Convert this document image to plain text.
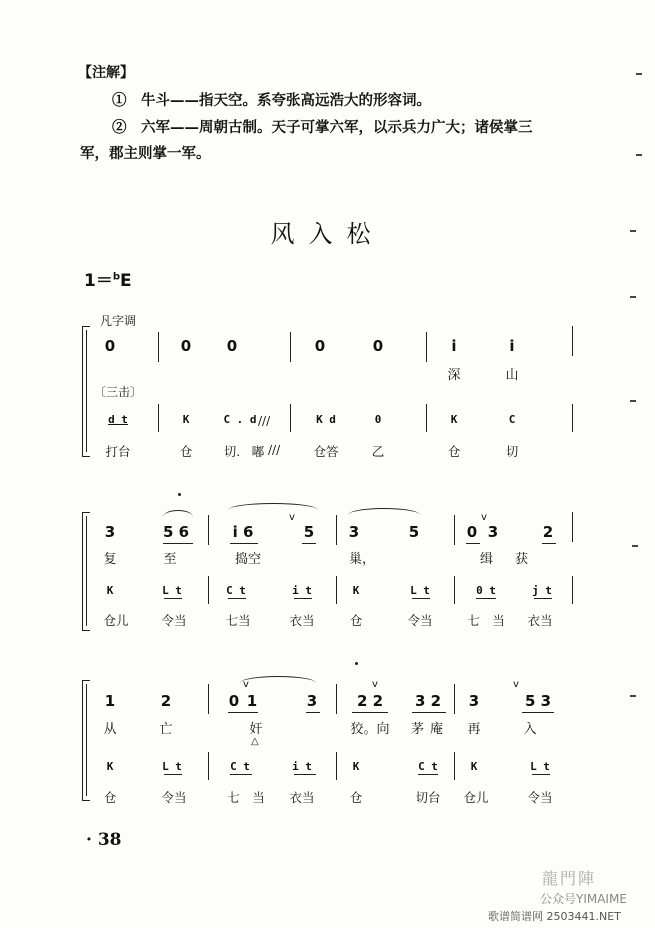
【注解】
①　牛斗——指天空。系夸张高远浩大的形容词。
②　六军——周朝古制。天子可掌六军，以示兵力广大；诸侯掌三
军，郡主则掌一军。
风入松
1＝$^b$E
凡字调
0	0 0	0	0	i	i
深	山
〔三击〕
d t	K	C . d ///	K d	0	K	C
打台	仓	切. 嘟 ///	仓答	乙	仓	切
v	v
3	5 6	i 6	5 3	5	0 3	2
复	至	捣空	巢，	缉获
K	L t	C t	i t	K	L t	0 t	j t
仓儿	令当	七当	衣当	仓	令当	七　当 衣当
v	v	v
1	2	0 1	3	2 2 3 2 3	5 3
从	亡	奸
△
狡。向 茅庵 再	入
K	L t	C t	i t	K	C t	K	L t
仓	令当	七　当 衣当	仓	切台 仓儿	令当
· 38
龍門陣
公众号YIMAIME
歌谱简谱网 2503441.NET
